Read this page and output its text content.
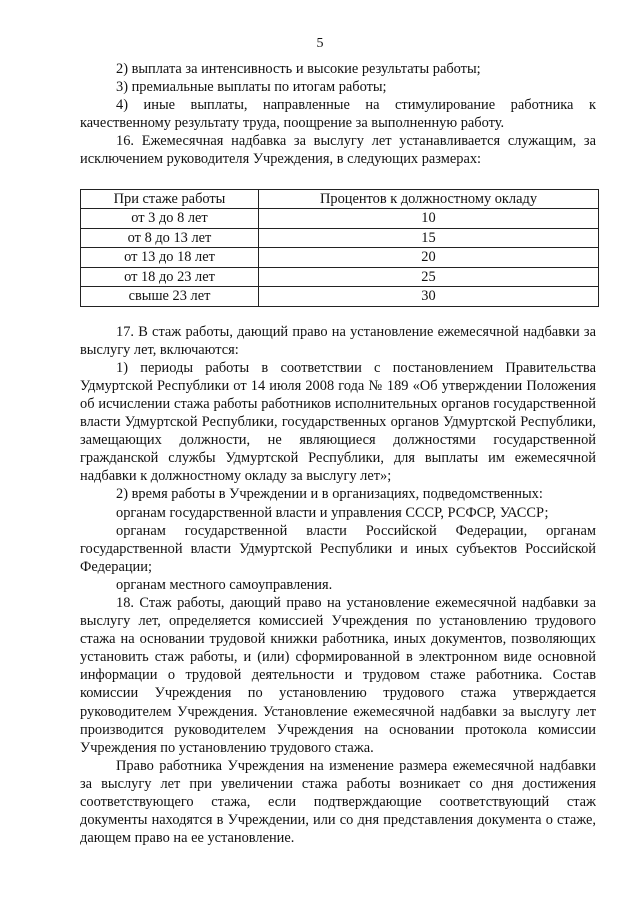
5

2) выплата за интенсивность и высокие результаты работы;

3) премиальные выплаты по итогам работы;

4) иные выплаты, направленные на стимулирование работника к качественному результату труда, поощрение за выполненную работу.

16. Ежемесячная надбавка за выслугу лет устанавливается служащим, за исключением руководителя Учреждения, в следующих размерах:

При стаже работы	Процентов к должностному окладу
от 3 до 8 лет	10
от 8 до 13 лет	15
от 13 до 18 лет	20
от 18 до 23 лет	25
свыше 23 лет	30

17. В стаж работы, дающий право на установление ежемесячной надбавки за выслугу лет, включаются:

1) периоды работы в соответствии с постановлением Правительства Удмуртской Республики от 14 июля 2008 года № 189 «Об утверждении Положения об исчислении стажа работы работников исполнительных органов государственной власти Удмуртской Республики, государственных органов Удмуртской Республики, замещающих должности, не являющиеся должностями государственной гражданской службы Удмуртской Республики, для выплаты им ежемесячной надбавки к должностному окладу за выслугу лет»;

2) время работы в Учреждении и в организациях, подведомственных:

органам государственной власти и управления СССР, РСФСР, УАССР;

органам государственной власти Российской Федерации, органам государственной власти Удмуртской Республики и иных субъектов Российской Федерации;

органам местного самоуправления.

18. Стаж работы, дающий право на установление ежемесячной надбавки за выслугу лет, определяется комиссией Учреждения по установлению трудового стажа на основании трудовой книжки работника, иных документов, позволяющих установить стаж работы, и (или) сформированной в электронном виде основной информации о трудовой деятельности и трудовом стаже работника. Состав комиссии Учреждения по установлению трудового стажа утверждается руководителем Учреждения. Установление ежемесячной надбавки за выслугу лет производится руководителем Учреждения на основании протокола комиссии Учреждения по установлению трудового стажа.

Право работника Учреждения на изменение размера ежемесячной надбавки за выслугу лет при увеличении стажа работы возникает со дня достижения соответствующего стажа, если подтверждающие соответствующий стаж документы находятся в Учреждении, или со дня представления документа о стаже, дающем право на ее установление.
